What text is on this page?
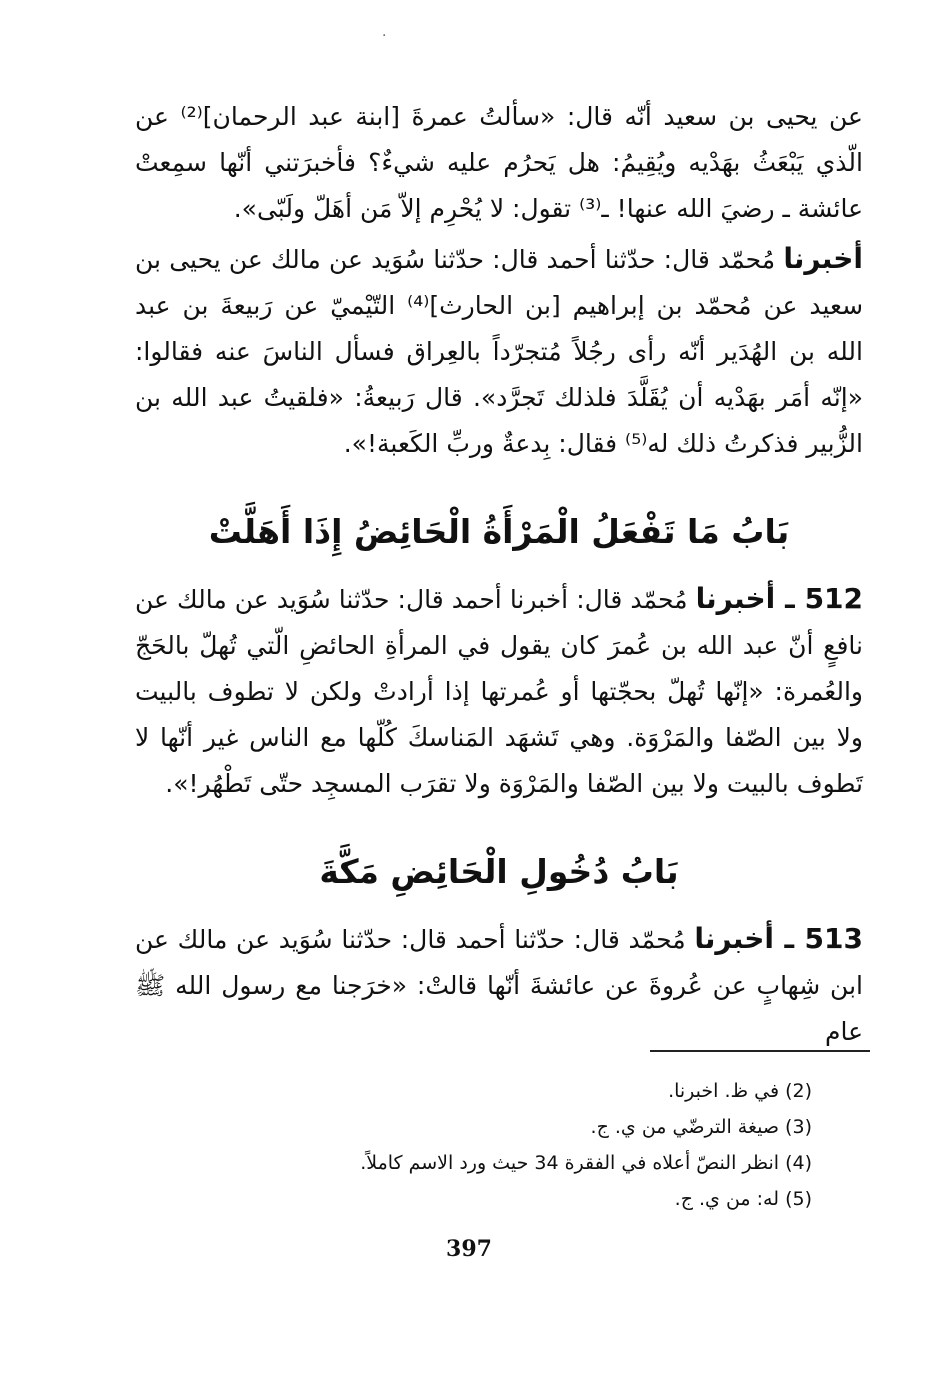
·

عن يحيى بن سعيد أنّه قال: «سألتُ عمرةَ [ابنة عبد الرحمان]⁽²⁾ عن الّذي يَبْعَثُ بهَدْيه ويُقِيمُ: هل يَحرُم عليه شيءٌ؟ فأخبرَتني أنّها سمِعتْ عائشة ـ رضيَ الله عنها! ـ⁽³⁾ تقول: لا يُحْرِم إلاّ مَن أهَلّ ولَبّى».

أخبرنا مُحمّد قال: حدّثنا أحمد قال: حدّثنا سُوَيد عن مالك عن يحيى بن سعيد عن مُحمّد بن إبراهيم [بن الحارث]⁽⁴⁾ التّيْميّ عن رَبيعةَ بن عبد الله بن الهُدَير أنّه رأى رجُلاً مُتجرّداً بالعِراق فسأل الناسَ عنه فقالوا: «إنّه أمَر بهَدْيه أن يُقَلَّدَ فلذلك تَجرَّد». قال رَبيعةُ: «فلقيتُ عبد الله بن الزُّبير فذكرتُ ذلك له⁽⁵⁾ فقال: بِدعةٌ وربِّ الكَعبة!».

بَابُ مَا تَفْعَلُ الْمَرْأَةُ الْحَائِضُ إِذَا أَهَلَّتْ

512 ـ أخبرنا مُحمّد قال: أخبرنا أحمد قال: حدّثنا سُوَيد عن مالك عن نافعٍ أنّ عبد الله بن عُمرَ كان يقول في المرأةِ الحائضِ الّتي تُهلّ بالحَجّ والعُمرة: «إنّها تُهلّ بحجّتها أو عُمرتها إذا أرادتْ ولكن لا تطوف بالبيت ولا بين الصّفا والمَرْوَة. وهي تَشهَد المَناسكَ كُلّها مع الناس غير أنّها لا تَطوف بالبيت ولا بين الصّفا والمَرْوَة ولا تقرَب المسجِد حتّى تَطْهُر!».

بَابُ دُخُولِ الْحَائِضِ مَكَّةَ

513 ـ أخبرنا مُحمّد قال: حدّثنا أحمد قال: حدّثنا سُوَيد عن مالك عن ابن شِهابٍ عن عُروةَ عن عائشةَ أنّها قالتْ: «خرَجنا مع رسول الله ﷺ عام

(2) في ظ. اخبرنا.

(3) صيغة الترضّي من ي. ج.

(4) انظر النصّ أعلاه في الفقرة 34 حيث ورد الاسم كاملاً.

(5) له: من ي. ج.

397
